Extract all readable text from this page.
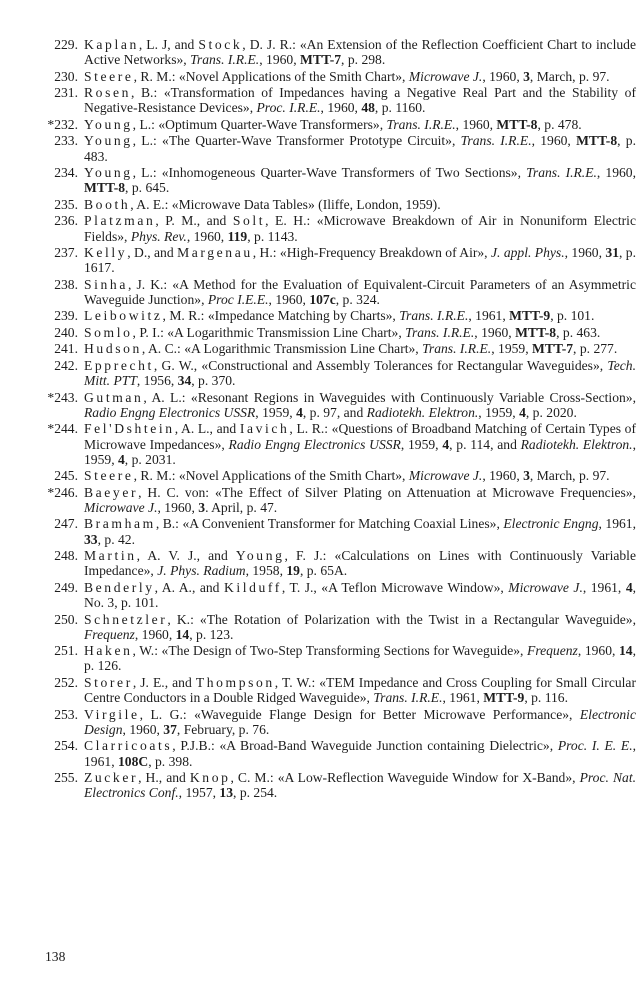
229. Kaplan, L. J, and Stock, D. J. R.: «An Extension of the Reflection Coefficient Chart to include Active Networks», Trans. I.R.E., 1960, MTT-7, p. 298.
230. Steere, R. M.: «Novel Applications of the Smith Chart», Microwave J., 1960, 3, March, p. 97.
231. Rosen, B.: «Transformation of Impedances having a Negative Real Part and the Stability of Negative-Resistance Devices», Proc. I.R.E., 1960, 48, p. 1160.
*232. Young, L.: «Optimum Quarter-Wave Transformers», Trans. I.R.E., 1960, MTT-8, p. 478.
233. Young, L.: «The Quarter-Wave Transformer Prototype Circuit», Trans. I.R.E., 1960, MTT-8, p. 483.
234. Young, L.: «Inhomogeneous Quarter-Wave Transformers of Two Sections», Trans. I.R.E., 1960, MTT-8, p. 645.
235. Booth, A. E.: «Microwave Data Tables» (Iliffe, London, 1959).
236. Platzman, P. M., and Solt, E. H.: «Microwave Breakdown of Air in Nonuniform Electric Fields», Phys. Rev., 1960, 119, p. 1143.
237. Kelly, D., and Margenau, H.: «High-Frequency Breakdown of Air», J. appl. Phys., 1960, 31, p. 1617.
238. Sinha, J. K.: «A Method for the Evaluation of Equivalent-Circuit Parameters of an Asymmetric Waveguide Junction», Proc I.E.E., 1960, 107c, p. 324.
239. Leibowitz, M. R.: «Impedance Matching by Charts», Trans. I.R.E., 1961, MTT-9, p. 101.
240. Somlo, P. I.: «A Logarithmic Transmission Line Chart», Trans. I.R.E., 1960, MTT-8, p. 463.
241. Hudson, A. C.: «A Logarithmic Transmission Line Chart», Trans. I.R.E., 1959, MTT-7, p. 277.
242. Epprecht, G. W., «Constructional and Assembly Tolerances for Rectangular Waveguides», Tech. Mitt. PTT, 1956, 34, p. 370.
*243. Gutman, A. L.: «Resonant Regions in Waveguides with Continuously Variable Cross-Section», Radio Engng Electronics USSR, 1959, 4, p. 97, and Radiotekh. Elektron., 1959, 4, p. 2020.
*244. Fel'Dshtein, A. L., and Iavich, L. R.: «Questions of Broadband Matching of Certain Types of Microwave Impedances», Radio Engng Electronics USSR, 1959, 4, p. 114, and Radiotekh. Elektron., 1959, 4, p. 2031.
245. Steere, R. M.: «Novel Applications of the Smith Chart», Microwave J., 1960, 3, March, p. 97.
*246. Baeyer, H. C. von: «The Effect of Silver Plating on Attenuation at Microwave Frequencies», Microwave J., 1960, 3. April, p. 47.
247. Bramham, B.: «A Convenient Transformer for Matching Coaxial Lines», Electronic Engng, 1961, 33, p. 42.
248. Martin, A. V. J., and Young, F. J.: «Calculations on Lines with Continuously Variable Impedance», J. Phys. Radium, 1958, 19, p. 65A.
249. Benderly, A. A., and Kilduff, T. J., «A Teflon Microwave Window», Microwave J., 1961, 4, No. 3, p. 101.
250. Schnetzler, K.: «The Rotation of Polarization with the Twist in a Rectangular Waveguide», Frequenz, 1960, 14, p. 123.
251. Haken, W.: «The Design of Two-Step Transforming Sections for Waveguide», Frequenz, 1960, 14, p. 126.
252. Storer, J. E., and Thompson, T. W.: «TEM Impedance and Cross Coupling for Small Circular Centre Conductors in a Double Ridged Waveguide», Trans. I.R.E., 1961, MTT-9, p. 116.
253. Virgile, L. G.: «Waveguide Flange Design for Better Microwave Performance», Electronic Design, 1960, 37, February, p. 76.
254. Clarricoats, P.J.B.: «A Broad-Band Waveguide Junction containing Dielectric», Proc. I. E. E., 1961, 108C, p. 398.
255. Zucker, H., and Knop, C. M.: «A Low-Reflection Waveguide Window for X-Band», Proc. Nat. Electronics Conf., 1957, 13, p. 254.
138
